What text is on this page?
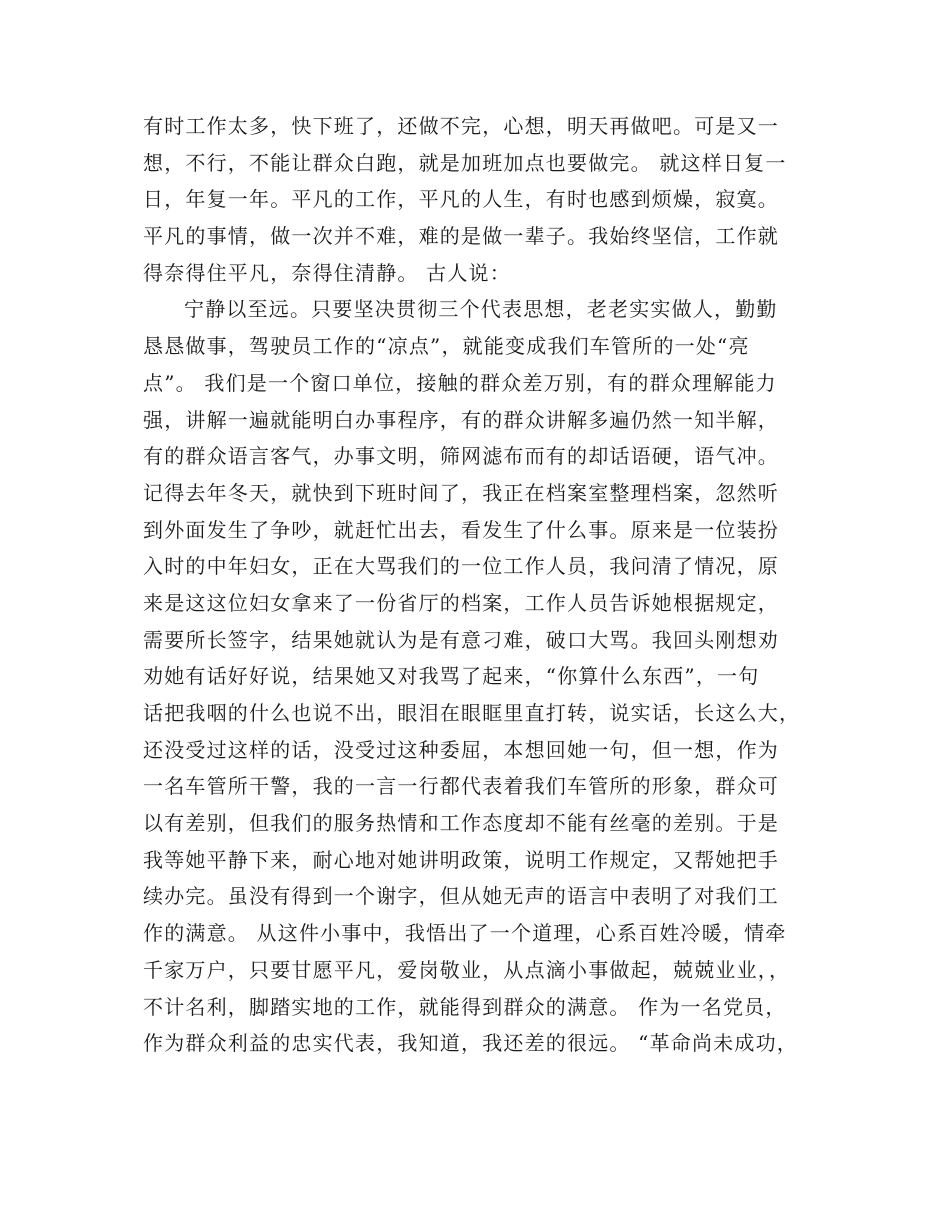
有时工作太多，快下班了，还做不完，心想，明天再做吧。可是又一
想，不行，不能让群众白跑，就是加班加点也要做完。 就这样日复一
日，年复一年。平凡的工作，平凡的人生，有时也感到烦燥，寂寞。
平凡的事情，做一次并不难，难的是做一辈子。我始终坚信，工作就
得奈得住平凡，奈得住清静。 古人说：
宁静以至远。只要坚决贯彻三个代表思想，老老实实做人，勤勤
恳恳做事，驾驶员工作的“凉点”，就能变成我们车管所的一处“亮
点”。 我们是一个窗口单位，接触的群众差万别，有的群众理解能力
强，讲解一遍就能明白办事程序，有的群众讲解多遍仍然一知半解，
有的群众语言客气，办事文明，筛网滤布而有的却话语硬，语气冲。
记得去年冬天，就快到下班时间了，我正在档案室整理档案，忽然听
到外面发生了争吵，就赶忙出去，看发生了什么事。原来是一位装扮
入时的中年妇女，正在大骂我们的一位工作人员，我问清了情况，原
来是这这位妇女拿来了一份省厅的档案，工作人员告诉她根据规定，
需要所长签字，结果她就认为是有意刁难，破口大骂。我回头刚想劝
劝她有话好好说，结果她又对我骂了起来，“你算什么东西”，一句
话把我咽的什么也说不出，眼泪在眼眶里直打转，说实话，长这么大，
还没受过这样的话，没受过这种委屈，本想回她一句，但一想，作为
一名车管所干警，我的一言一行都代表着我们车管所的形象，群众可
以有差别，但我们的服务热情和工作态度却不能有丝毫的差别。于是
我等她平静下来，耐心地对她讲明政策，说明工作规定，又帮她把手
续办完。虽没有得到一个谢字，但从她无声的语言中表明了对我们工
作的满意。 从这件小事中，我悟出了一个道理，心系百姓冷暖，情牵
千家万户，只要甘愿平凡，爱岗敬业，从点滴小事做起，兢兢业业，，
不计名利，脚踏实地的工作，就能得到群众的满意。 作为一名党员，
作为群众利益的忠实代表，我知道，我还差的很远。 “革命尚未成功，
